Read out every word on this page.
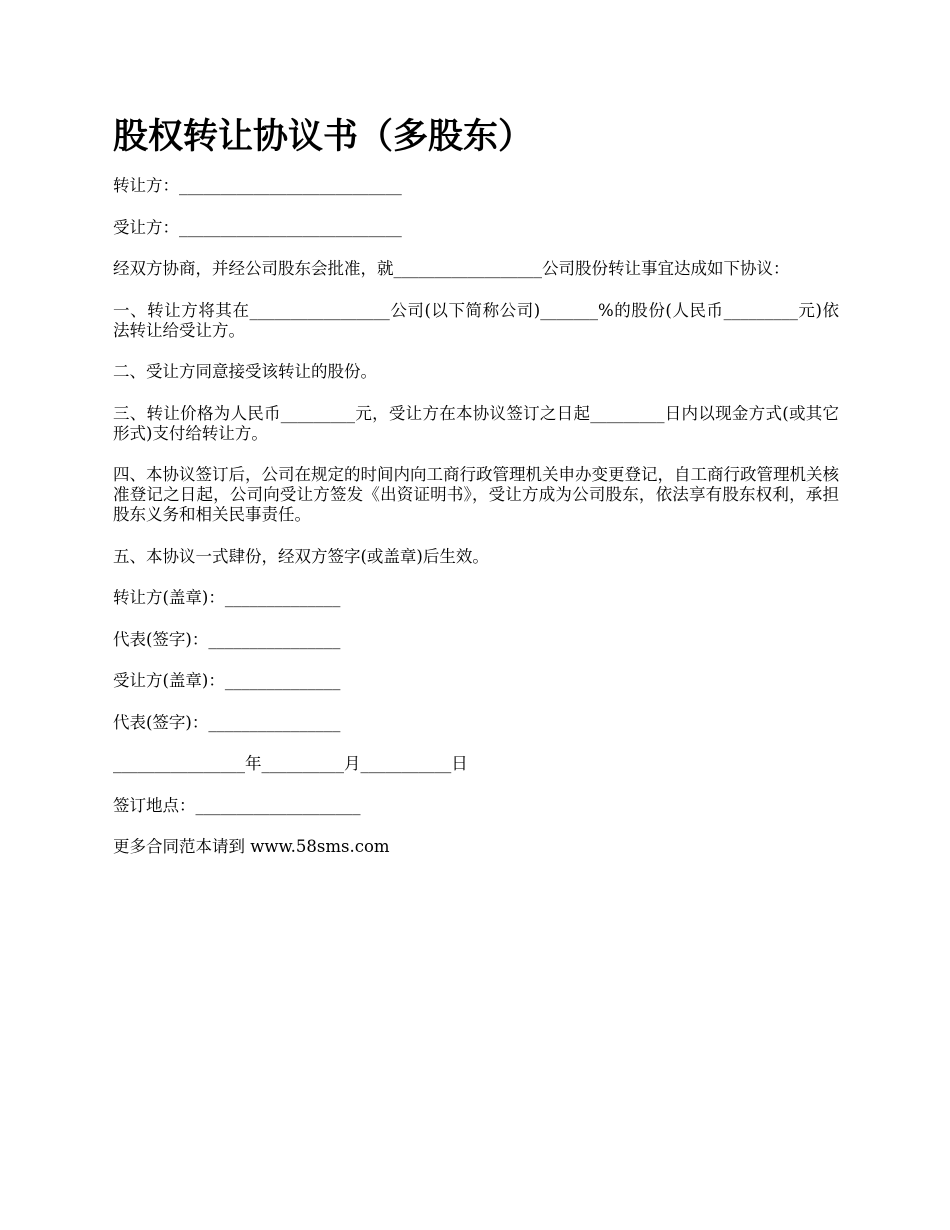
股权转让协议书（多股东）

转让方：___________________________

受让方：___________________________

经双方协商，并经公司股东会批准，就__________________公司股份转让事宜达成如下协议：

一、转让方将其在_________________公司(以下简称公司)_______%的股份(人民币_________元)依法转让给受让方。

二、受让方同意接受该转让的股份。

三、转让价格为人民币_________元，受让方在本协议签订之日起_________日内以现金方式(或其它形式)支付给转让方。

四、本协议签订后，公司在规定的时间内向工商行政管理机关申办变更登记，自工商行政管理机关核准登记之日起，公司向受让方签发《出资证明书》，受让方成为公司股东，依法享有股东权利，承担股东义务和相关民事责任。

五、本协议一式肆份，经双方签字(或盖章)后生效。

转让方(盖章)：______________

代表(签字)：________________

受让方(盖章)：______________

代表(签字)：________________

________________年__________月___________日

签订地点：____________________

更多合同范本请到 www.58sms.com
